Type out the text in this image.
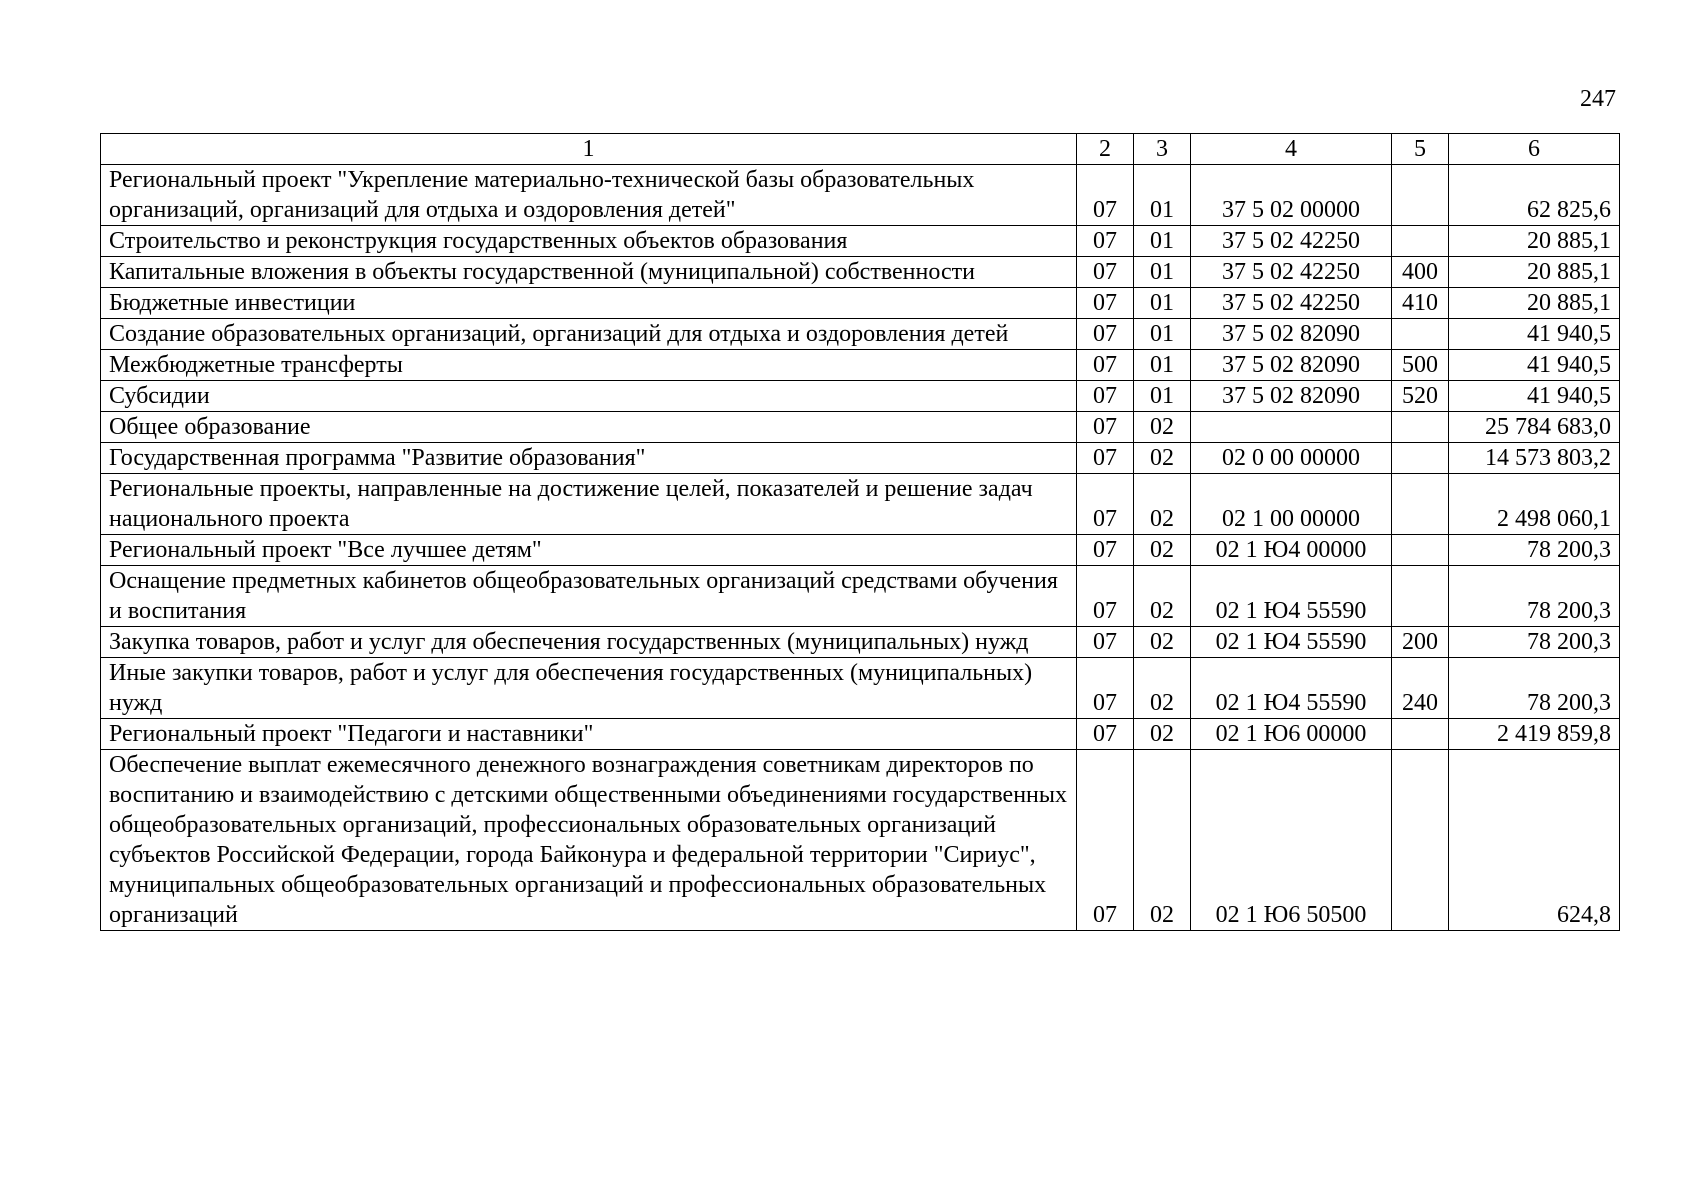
247
1	2	3	4	5	6
Региональный проект "Укрепление материально-технической базы образовательных организаций, организаций для отдыха и оздоровления детей"	07	01	37 5 02 00000		62 825,6
Строительство и реконструкция государственных объектов образования	07	01	37 5 02 42250		20 885,1
Капитальные вложения в объекты государственной (муниципальной) собственности	07	01	37 5 02 42250	400	20 885,1
Бюджетные инвестиции	07	01	37 5 02 42250	410	20 885,1
Создание образовательных организаций, организаций для отдыха и оздоровления детей	07	01	37 5 02 82090		41 940,5
Межбюджетные трансферты	07	01	37 5 02 82090	500	41 940,5
Субсидии	07	01	37 5 02 82090	520	41 940,5
Общее образование	07	02			25 784 683,0
Государственная программа "Развитие образования"	07	02	02 0 00 00000		14 573 803,2
Региональные проекты, направленные на достижение целей, показателей и решение задач национального проекта	07	02	02 1 00 00000		2 498 060,1
Региональный проект "Все лучшее детям"	07	02	02 1 Ю4 00000		78 200,3
Оснащение предметных кабинетов общеобразовательных организаций средствами обучения и воспитания	07	02	02 1 Ю4 55590		78 200,3
Закупка товаров, работ и услуг для обеспечения государственных (муниципальных) нужд	07	02	02 1 Ю4 55590	200	78 200,3
Иные закупки товаров, работ и услуг для обеспечения государственных (муниципальных) нужд	07	02	02 1 Ю4 55590	240	78 200,3
Региональный проект "Педагоги и наставники"	07	02	02 1 Ю6 00000		2 419 859,8
Обеспечение выплат ежемесячного денежного вознаграждения советникам директоров по воспитанию и взаимодействию с детскими общественными объединениями государственных общеобразовательных организаций, профессиональных образовательных организаций субъектов Российской Федерации, города Байконура и федеральной территории "Сириус", муниципальных общеобразовательных организаций и профессиональных образовательных организаций	07	02	02 1 Ю6 50500		624,8
